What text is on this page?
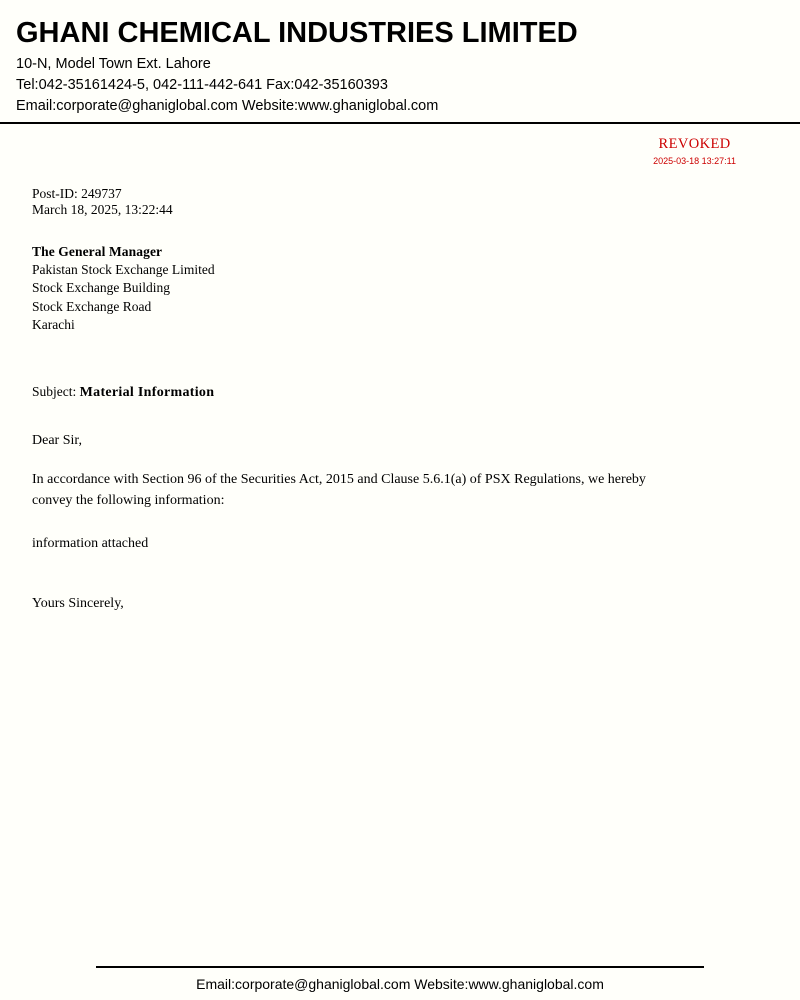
GHANI CHEMICAL INDUSTRIES LIMITED

10-N, Model Town Ext. Lahore

Tel:042-35161424-5, 042-111-442-641 Fax:042-35160393

Email:corporate@ghaniglobal.com Website:www.ghaniglobal.com

REVOKED
2025-03-18 13:27:11
Post-ID: 249737
March 18, 2025, 13:22:44
The General Manager
Pakistan Stock Exchange Limited
Stock Exchange Building
Stock Exchange Road
Karachi
Subject: Material Information
Dear Sir,
In accordance with Section 96 of the Securities Act, 2015 and Clause 5.6.1(a) of PSX Regulations, we hereby convey the following information:
information attached
Yours Sincerely,
Email:corporate@ghaniglobal.com Website:www.ghaniglobal.com
